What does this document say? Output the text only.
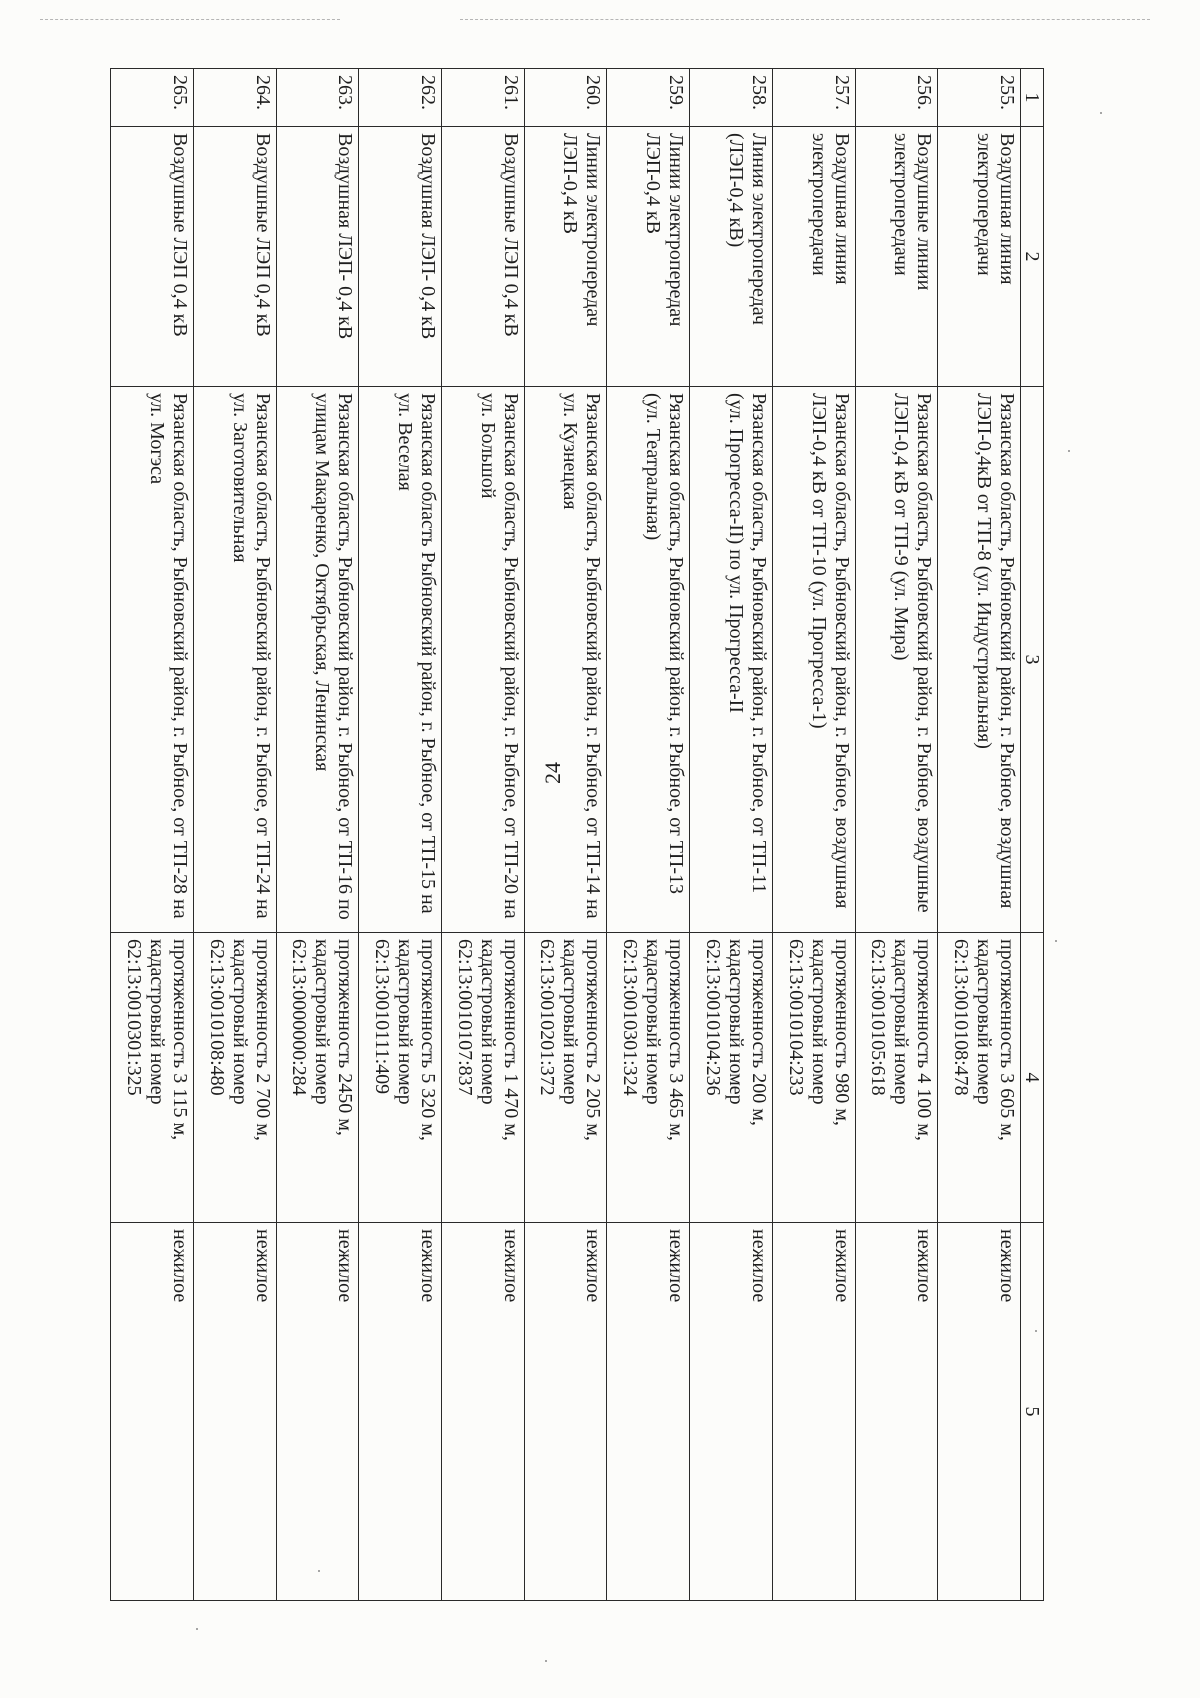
24
1	2	3	4	5
255.	Воздушная линия электропередачи	Рязанская область, Рыбновский район, г. Рыбное, воздушная ЛЭП-0,4кВ от ТП-8 (ул. Индустриальная)	протяженность 3 605 м, кадастровый номер 62:13:0010108:478	нежилое
256.	Воздушные линии электропередачи	Рязанская область, Рыбновский район, г. Рыбное, воздушные ЛЭП-0,4 кВ от ТП-9 (ул. Мира)	протяженность 4 100 м, кадастровый номер 62:13:0010105:618	нежилое
257.	Воздушная линия электропередачи	Рязанская область, Рыбновский район, г. Рыбное, воздушная ЛЭП-0,4 кВ от ТП-10 (ул. Прогресса-1)	протяженность 980 м, кадастровый номер 62:13:0010104:233	нежилое
258.	Линия электропередач (ЛЭП-0,4 кВ)	Рязанская область, Рыбновский район, г. Рыбное, от ТП-11 (ул. Прогресса-II) по ул. Прогресса-II	протяженность 200 м, кадастровый номер 62:13:0010104:236	нежилое
259.	Линии электропередач ЛЭП-0,4 кВ	Рязанская область, Рыбновский район, г. Рыбное, от ТП-13 (ул. Театральная)	протяженность 3 465 м, кадастровый номер 62:13:0010301:324	нежилое
260.	Линии электропередач ЛЭП-0,4 кВ	Рязанская область, Рыбновский район, г. Рыбное, от ТП-14 на ул. Кузнецкая	протяженность 2 205 м, кадастровый номер 62:13:0010201:372	нежилое
261.	Воздушные ЛЭП 0,4 кВ	Рязанская область, Рыбновский район, г. Рыбное, от ТП-20 на ул. Большой	протяженность 1 470 м, кадастровый номер 62:13:0010107:837	нежилое
262.	Воздушная ЛЭП- 0,4 кВ	Рязанская область Рыбновский район, г. Рыбное, от ТП-15 на ул. Веселая	протяженность 5 320 м, кадастровый номер 62:13:0010111:409	нежилое
263.	Воздушная ЛЭП- 0,4 кВ	Рязанская область, Рыбновский район, г. Рыбное, от ТП-16 по улицам Макаренко, Октябрьская, Ленинская	протяженность 2450 м, кадастровый номер 62:13:0000000:284	нежилое
264.	Воздушные ЛЭП 0,4 кВ	Рязанская область, Рыбновский район, г. Рыбное, от ТП-24 на ул. Заготовительная	протяженность 2 700 м, кадастровый номер 62:13:0010108:480	нежилое
265.	Воздушные ЛЭП 0,4 кВ	Рязанская область, Рыбновский район, г. Рыбное, от ТП-28 на ул. Могэса	протяженность 3 115 м, кадастровый номер 62:13:0010301:325	нежилое
